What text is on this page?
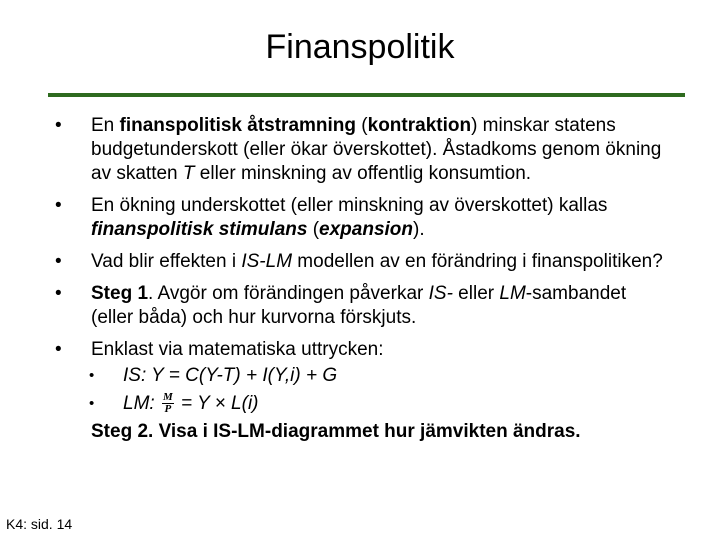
Finanspolitik
• En finanspolitisk åtstramning (kontraktion) minskar statens budgetunderskott (eller ökar överskottet). Åstadkoms genom ökning av skatten T eller minskning av offentlig konsumtion.
• En ökning underskottet (eller minskning av överskottet) kallas finanspolitisk stimulans (expansion).
• Vad blir effekten i IS-LM modellen av en förändring i finanspolitiken?
• Steg 1. Avgör om förändingen påverkar IS- eller LM-sambandet (eller båda) och hur kurvorna förskjuts.
• Enklast via matematiska uttrycken:
• IS: Y = C(Y-T) + I(Y,i) + G
• LM: $\frac{M}{P} = Y \times L(i)$
Steg 2. Visa i IS-LM-diagrammet hur jämvikten ändras.
K4: sid. 14
